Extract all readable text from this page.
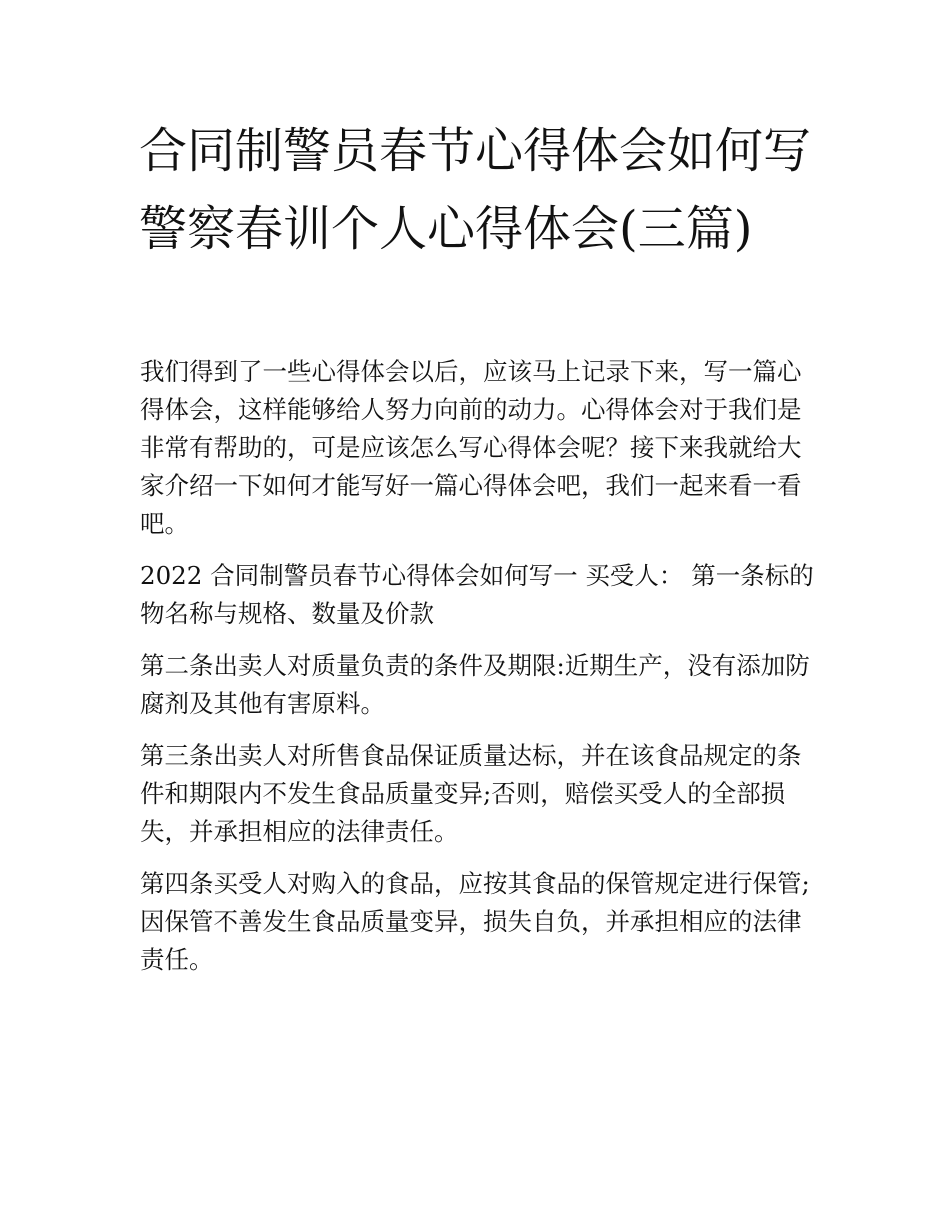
合同制警员春节心得体会如何写 警察春训个人心得体会(三篇)

我们得到了一些心得体会以后，应该马上记录下来，写一篇心得体会，这样能够给人努力向前的动力。心得体会对于我们是非常有帮助的，可是应该怎么写心得体会呢？接下来我就给大家介绍一下如何才能写好一篇心得体会吧，我们一起来看一看吧。

2022 合同制警员春节心得体会如何写一 买受人： 第一条标的物名称与规格、数量及价款

第二条出卖人对质量负责的条件及期限:近期生产，没有添加防腐剂及其他有害原料。

第三条出卖人对所售食品保证质量达标，并在该食品规定的条件和期限内不发生食品质量变异;否则，赔偿买受人的全部损失，并承担相应的法律责任。

第四条买受人对购入的食品，应按其食品的保管规定进行保管;因保管不善发生食品质量变异，损失自负，并承担相应的法律责任。
